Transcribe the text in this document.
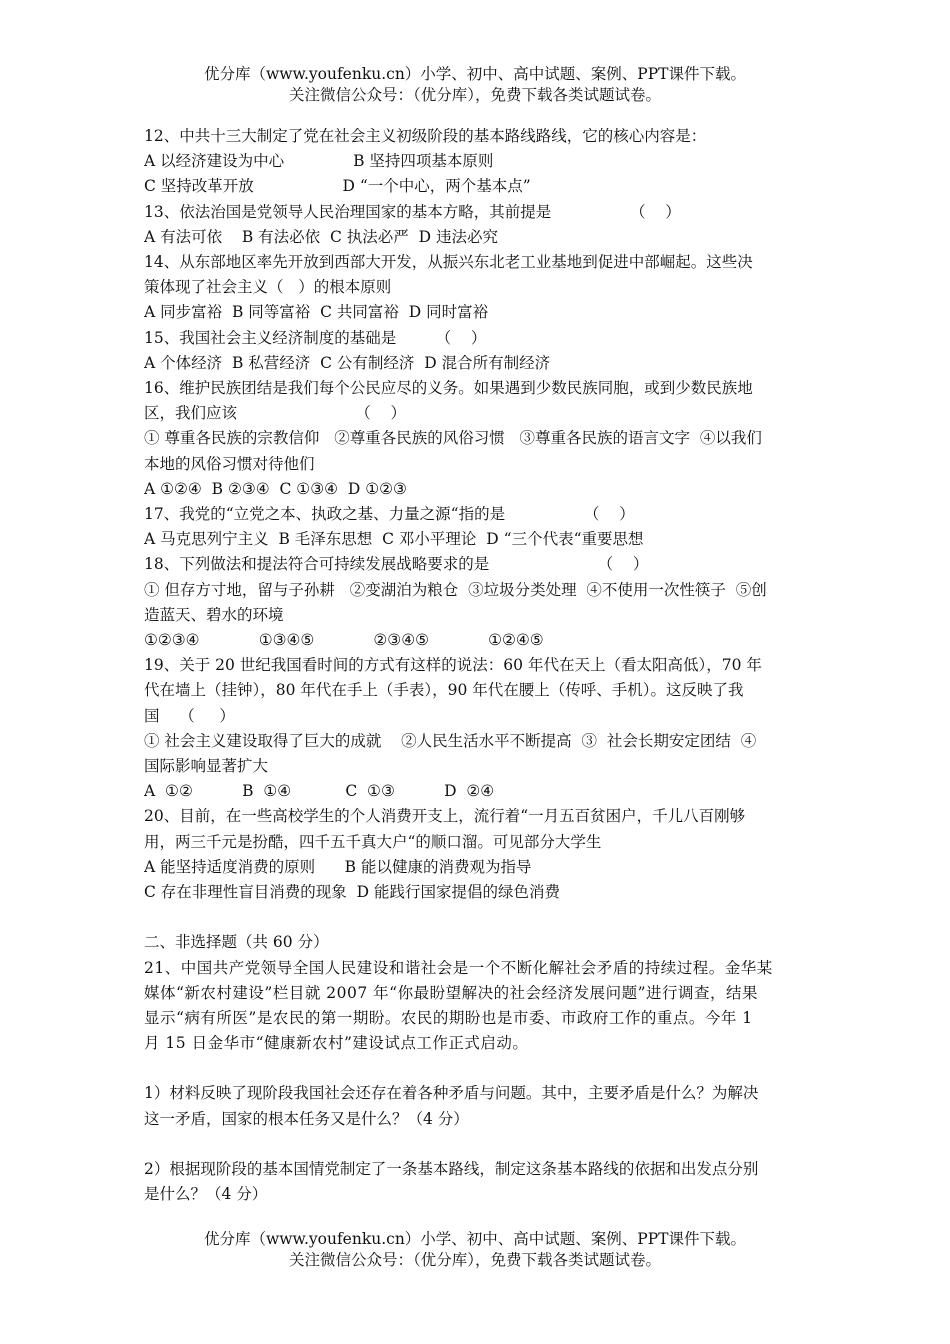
优分库（www.youfenku.cn）小学、初中、高中试题、案例、PPT课件下载。
关注微信公众号：（优分库），免费下载各类试题试卷。
12、中共十三大制定了党在社会主义初级阶段的基本路线路线，它的核心内容是：
A 以经济建设为中心              B 坚持四项基本原则
C 坚持改革开放                  D “一个中心，两个基本点”
13、依法治国是党领导人民治理国家的基本方略，其前提是                （    ）
A 有法可依    B 有法必依  C 执法必严  D 违法必究
14、从东部地区率先开放到西部大开发，从振兴东北老工业基地到促进中部崛起。这些决
策体现了社会主义（   ）的根本原则
A 同步富裕  B 同等富裕  C 共同富裕  D 同时富裕
15、我国社会主义经济制度的基础是        （    ）
A 个体经济  B 私营经济  C 公有制经济  D 混合所有制经济
16、维护民族团结是我们每个公民应尽的义务。如果遇到少数民族同胞，或到少数民族地
区，我们应该                        （    ）
① 尊重各民族的宗教信仰   ②尊重各民族的风俗习惯   ③尊重各民族的语言文字  ④以我们
本地的风俗习惯对待他们
A ①②④  B ②③④  C ①③④  D ①②③
17、我党的“立党之本、执政之基、力量之源“指的是                （    ）
A 马克思列宁主义  B 毛泽东思想  C 邓小平理论  D “三个代表“重要思想
18、下列做法和提法符合可持续发展战略要求的是                      （    ）
① 但存方寸地，留与子孙耕   ②变湖泊为粮仓  ③垃圾分类处理  ④不使用一次性筷子  ⑤创
造蓝天、碧水的环境
①②③④            ①③④⑤            ②③④⑤            ①②④⑤
19、关于 20 世纪我国看时间的方式有这样的说法：60 年代在天上（看太阳高低），70 年
代在墙上（挂钟），80 年代在手上（手表），90 年代在腰上（传呼、手机）。这反映了我
国    （     ）
① 社会主义建设取得了巨大的成就    ②人民生活水平不断提高  ③  社会长期安定团结  ④
国际影响显著扩大
A  ①②          B  ①④           C  ①③          D  ②④
20、目前，在一些高校学生的个人消费开支上，流行着“一月五百贫困户，千儿八百刚够
用，两三千元是扮酷，四千五千真大户“的顺口溜。可见部分大学生
A 能坚持适度消费的原则      B 能以健康的消费观为指导
C 存在非理性盲目消费的现象  D 能践行国家提倡的绿色消费
二、非选择题（共 60 分）
21、中国共产党领导全国人民建设和谐社会是一个不断化解社会矛盾的持续过程。金华某
媒体“新农村建设”栏目就 2007 年“你最盼望解决的社会经济发展问题”进行调查，结果
显示“病有所医”是农民的第一期盼。农民的期盼也是市委、市政府工作的重点。今年 1
月 15 日金华市“健康新农村”建设试点工作正式启动。
1）材料反映了现阶段我国社会还存在着各种矛盾与问题。其中，主要矛盾是什么？为解决
这一矛盾，国家的根本任务又是什么？（4 分）
2）根据现阶段的基本国情党制定了一条基本路线，制定这条基本路线的依据和出发点分别
是什么？（4 分）
优分库（www.youfenku.cn）小学、初中、高中试题、案例、PPT课件下载。
关注微信公众号：（优分库），免费下载各类试题试卷。
